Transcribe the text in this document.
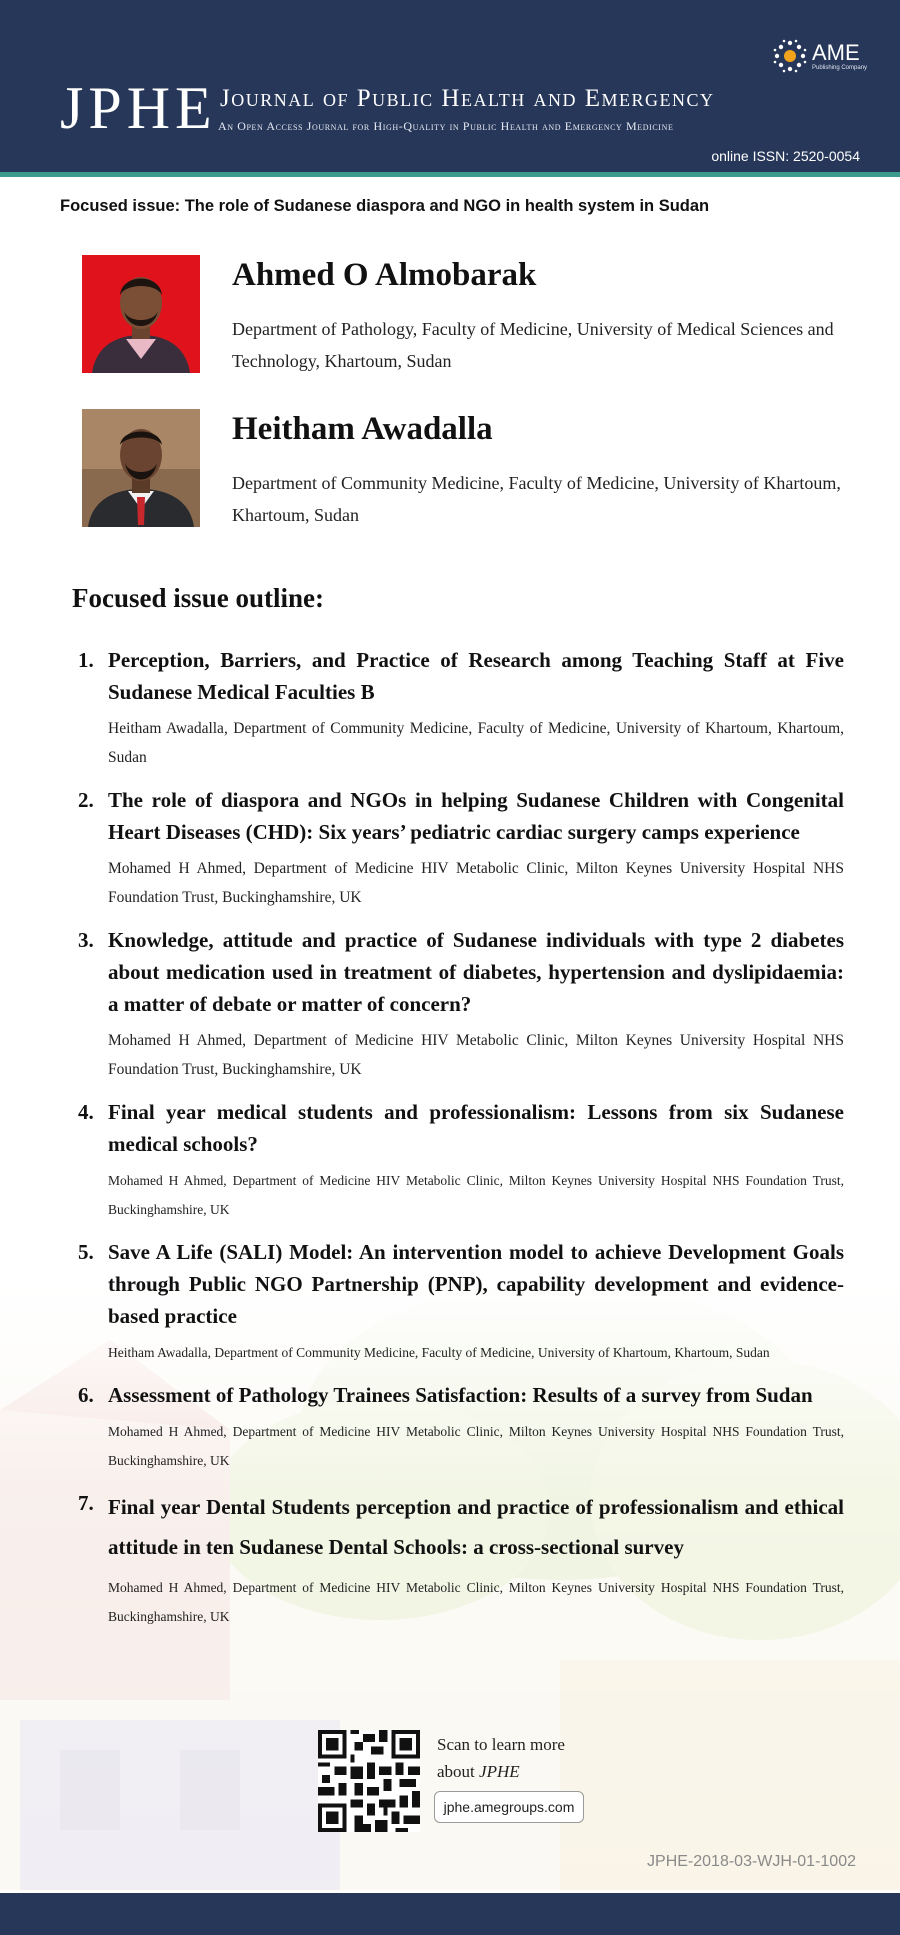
JPHE Journal of Public Health and Emergency
An Open Access Journal for High-Quality in Public Health and Emergency Medicine
online ISSN: 2520-0054
AME
Publishing Company
Focused issue: The role of Sudanese diaspora and NGO in health system in Sudan
Ahmed O Almobarak
Department of Pathology, Faculty of Medicine, University of Medical Sciences and Technology, Khartoum, Sudan
Heitham Awadalla
Department of Community Medicine, Faculty of Medicine, University of Khartoum, Khartoum, Sudan
Focused issue outline:
1. Perception, Barriers, and Practice of Research among Teaching Staff at Five Sudanese Medical Faculties B
Heitham Awadalla, Department of Community Medicine, Faculty of Medicine, University of Khartoum, Khartoum, Sudan
2. The role of diaspora and NGOs in helping Sudanese Children with Congenital Heart Diseases (CHD): Six years’ pediatric cardiac surgery camps experience
Mohamed H Ahmed, Department of Medicine HIV Metabolic Clinic, Milton Keynes University Hospital NHS Foundation Trust, Buckinghamshire, UK
3. Knowledge, attitude and practice of Sudanese individuals with type 2 diabetes about medication used in treatment of diabetes, hypertension and dyslipidaemia: a matter of debate or matter of concern?
Mohamed H Ahmed, Department of Medicine HIV Metabolic Clinic, Milton Keynes University Hospital NHS Foundation Trust, Buckinghamshire, UK
4. Final year medical students and professionalism: Lessons from six Sudanese medical schools?
Mohamed H Ahmed, Department of Medicine HIV Metabolic Clinic, Milton Keynes University Hospital NHS Foundation Trust, Buckinghamshire, UK
5. Save A Life (SALI) Model: An intervention model to achieve Development Goals through Public NGO Partnership (PNP), capability development and evidence-based practice
Heitham Awadalla, Department of Community Medicine, Faculty of Medicine, University of Khartoum, Khartoum, Sudan
6. Assessment of Pathology Trainees Satisfaction: Results of a survey from Sudan
Mohamed H Ahmed, Department of Medicine HIV Metabolic Clinic, Milton Keynes University Hospital NHS Foundation Trust, Buckinghamshire, UK
7. Final year Dental Students perception and practice of professionalism and ethical attitude in ten Sudanese Dental Schools: a cross-sectional survey
Mohamed H Ahmed, Department of Medicine HIV Metabolic Clinic, Milton Keynes University Hospital NHS Foundation Trust, Buckinghamshire, UK
Scan to learn more
about JPHE
jphe.amegroups.com
JPHE-2018-03-WJH-01-1002
